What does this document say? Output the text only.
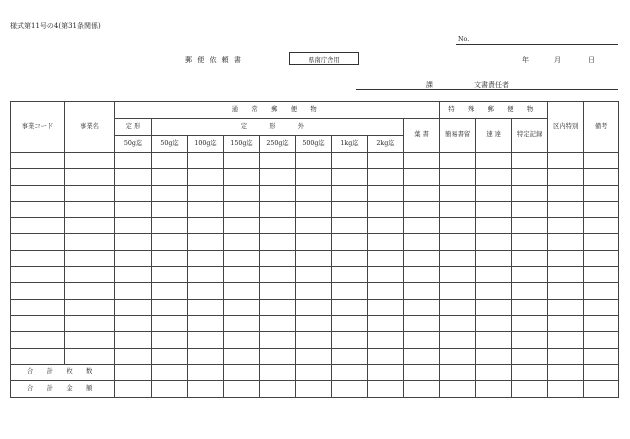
様式第11号の4(第31条関係)
No.
郵 便 依 頼 書	県南庁舎用	年	月	日
課	文書責任者
事業コード	事業名	通 常 郵 便 物									特 殊 郵 便 物			区内特別	備考
		定 形	定 形 外							葉 書	簡易書留	速 達	特定記録		
		50g迄	50g迄	100g迄	150g迄	250g迄	500g迄	1kg迄	2kg迄						

合 計 枚 数															
合 計 金 額															
